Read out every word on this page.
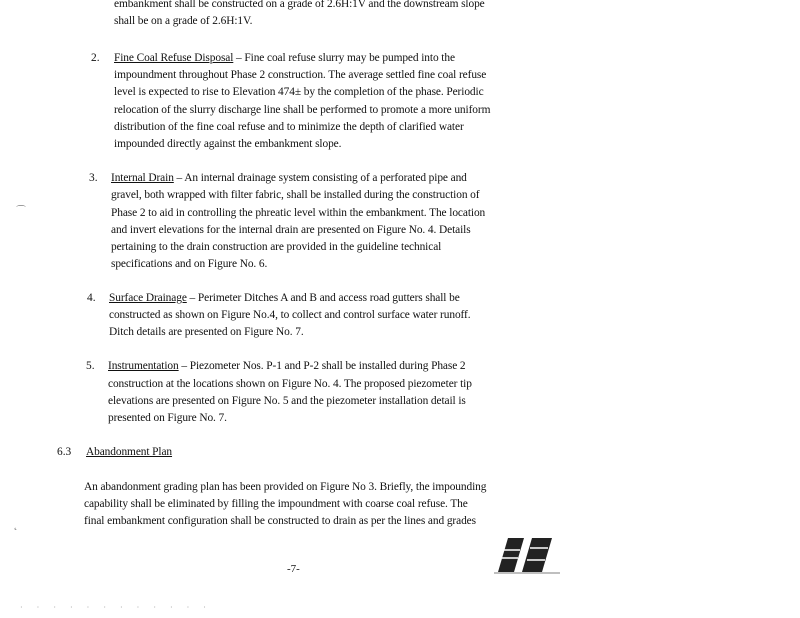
embankment shall be constructed on a grade of 2.6H:1V and the downstream slope
shall be on a grade of 2.6H:1V.
2. Fine Coal Refuse Disposal – Fine coal refuse slurry may be pumped into the
impoundment throughout Phase 2 construction. The average settled fine coal refuse
level is expected to rise to Elevation 474± by the completion of the phase. Periodic
relocation of the slurry discharge line shall be performed to promote a more uniform
distribution of the fine coal refuse and to minimize the depth of clarified water
impounded directly against the embankment slope.
3. Internal Drain – An internal drainage system consisting of a perforated pipe and
gravel, both wrapped with filter fabric, shall be installed during the construction of
Phase 2 to aid in controlling the phreatic level within the embankment. The location
and invert elevations for the internal drain are presented on Figure No. 4. Details
pertaining to the drain construction are provided in the guideline technical
specifications and on Figure No. 6.
4. Surface Drainage – Perimeter Ditches A and B and access road gutters shall be
constructed as shown on Figure No.4, to collect and control surface water runoff.
Ditch details are presented on Figure No. 7.
5. Instrumentation – Piezometer Nos. P-1 and P-2 shall be installed during Phase 2
construction at the locations shown on Figure No. 4. The proposed piezometer tip
elevations are presented on Figure No. 5 and the piezometer installation detail is
presented on Figure No. 7.
6.3 Abandonment Plan
An abandonment grading plan has been provided on Figure No 3. Briefly, the impounding
capability shall be eliminated by filling the impoundment with coarse coal refuse. The
final embankment configuration shall be constructed to drain as per the lines and grades
-7-
⌒
˛
· · · · · · · · · · · ·
